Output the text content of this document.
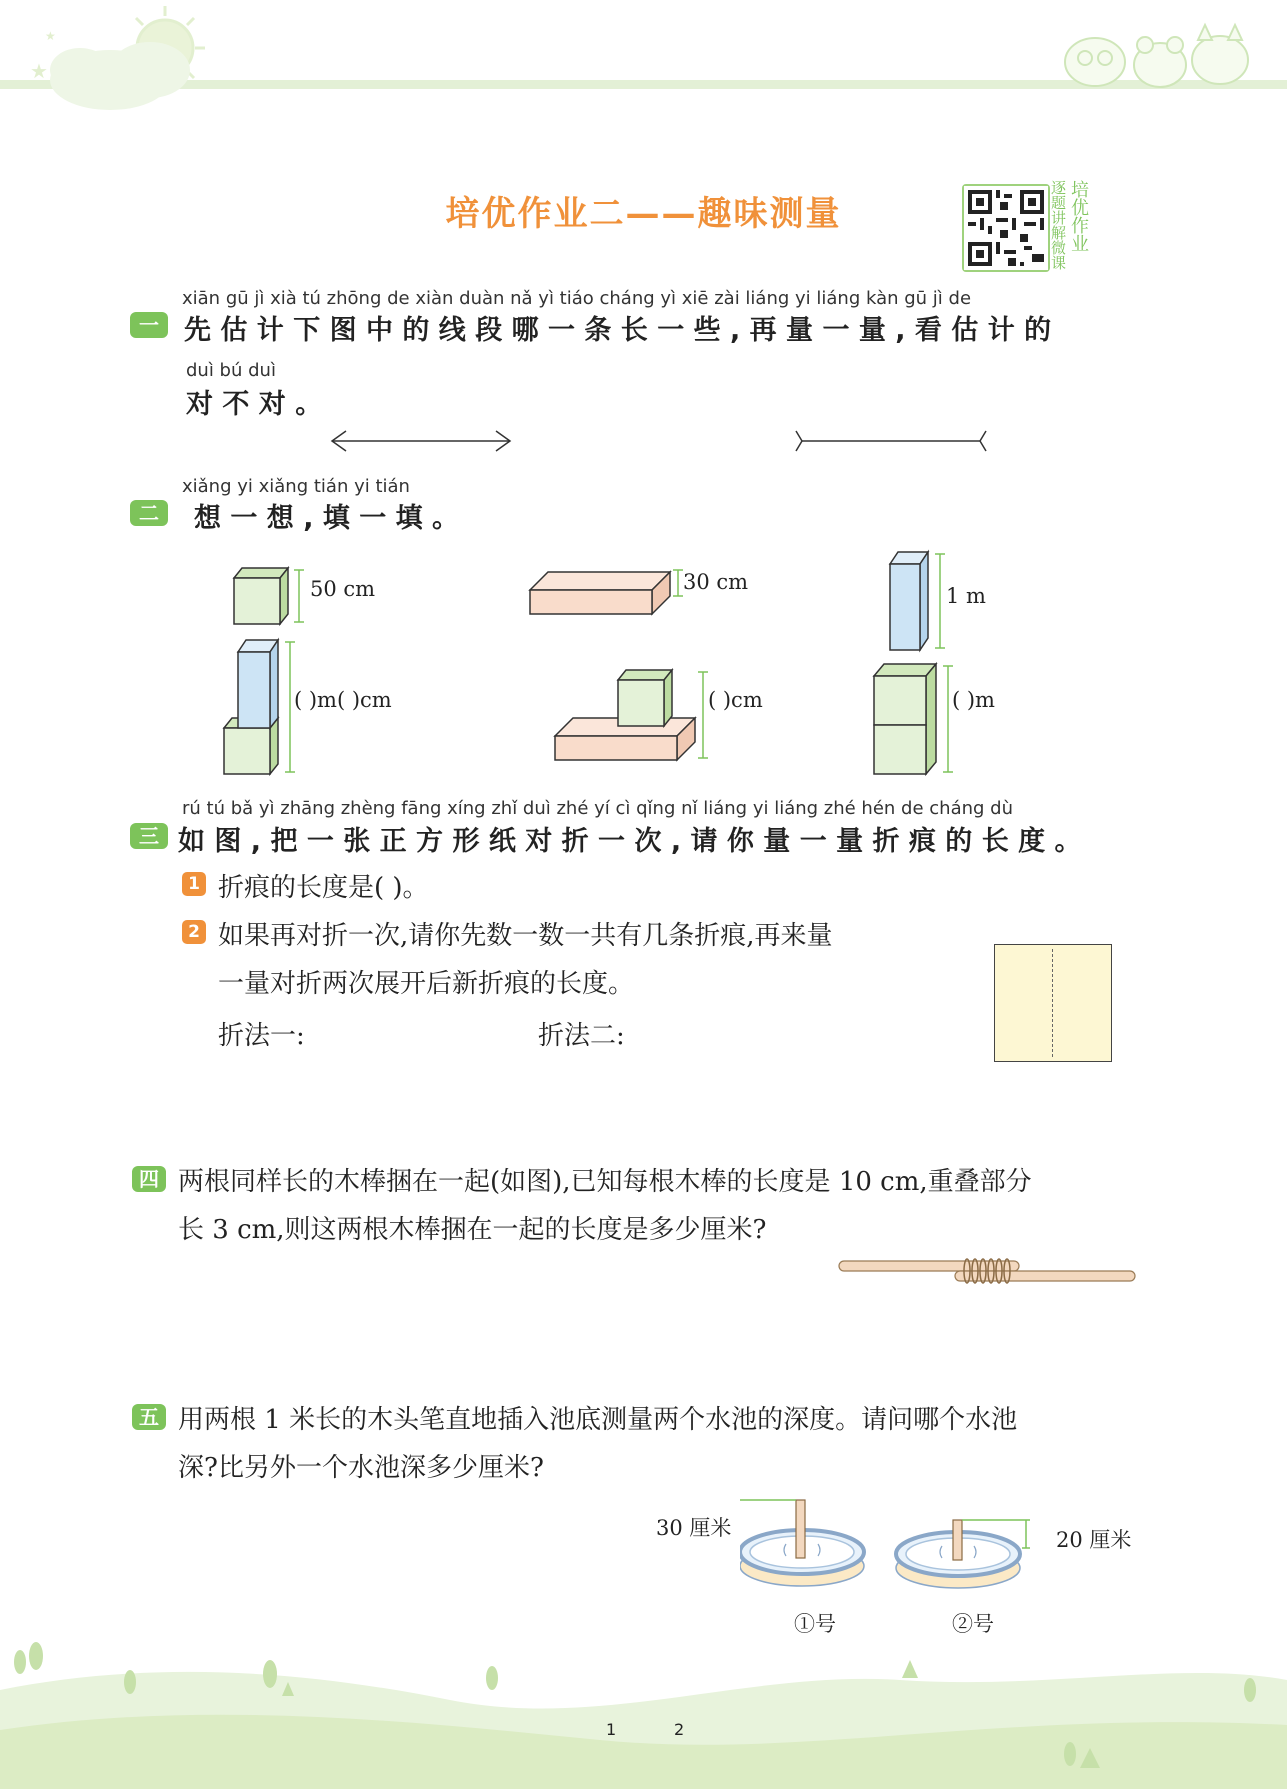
★
★
培优作业二——趣味测量	培优作业
逐题讲解微课
xiān gū jì xià tú zhōng de xiàn duàn nǎ yì tiáo cháng yì xiē zài liáng yi liáng kàn gū jì de
一 先 估 计 下 图 中 的 线 段 哪 一 条 长 一 些 , 再 量 一 量 , 看 估 计 的
duì bú duì
对 不 对 。
xiǎng yi xiǎng tián yi tián
二	想 一 想 , 填 一 填 。
50 cm	30 cm
1 m
( )m( )cm	( )cm	( )m
rú tú bǎ yì zhāng zhèng fāng xíng zhǐ duì zhé yí cì qǐng nǐ liáng yi liáng zhé hén de cháng dù
三 如 图 , 把 一 张 正 方 形 纸 对 折 一 次 , 请 你 量 一 量 折 痕 的 长 度 。
1 折痕的长度是( )。
2 如果再对折一次,请你先数一数一共有几条折痕,再来量
一量对折两次展开后新折痕的长度。
折法一:	折法二:
四 两根同样长的木棒捆在一起(如图),已知每根木棒的长度是 10 cm,重叠部分
长 3 cm,则这两根木棒捆在一起的长度是多少厘米?
五 用两根 1 米长的木头笔直地插入池底测量两个水池的深度。请问哪个水池
深?比另外一个水池深多少厘米?
30 厘米	20 厘米
①号	②号
1	2
